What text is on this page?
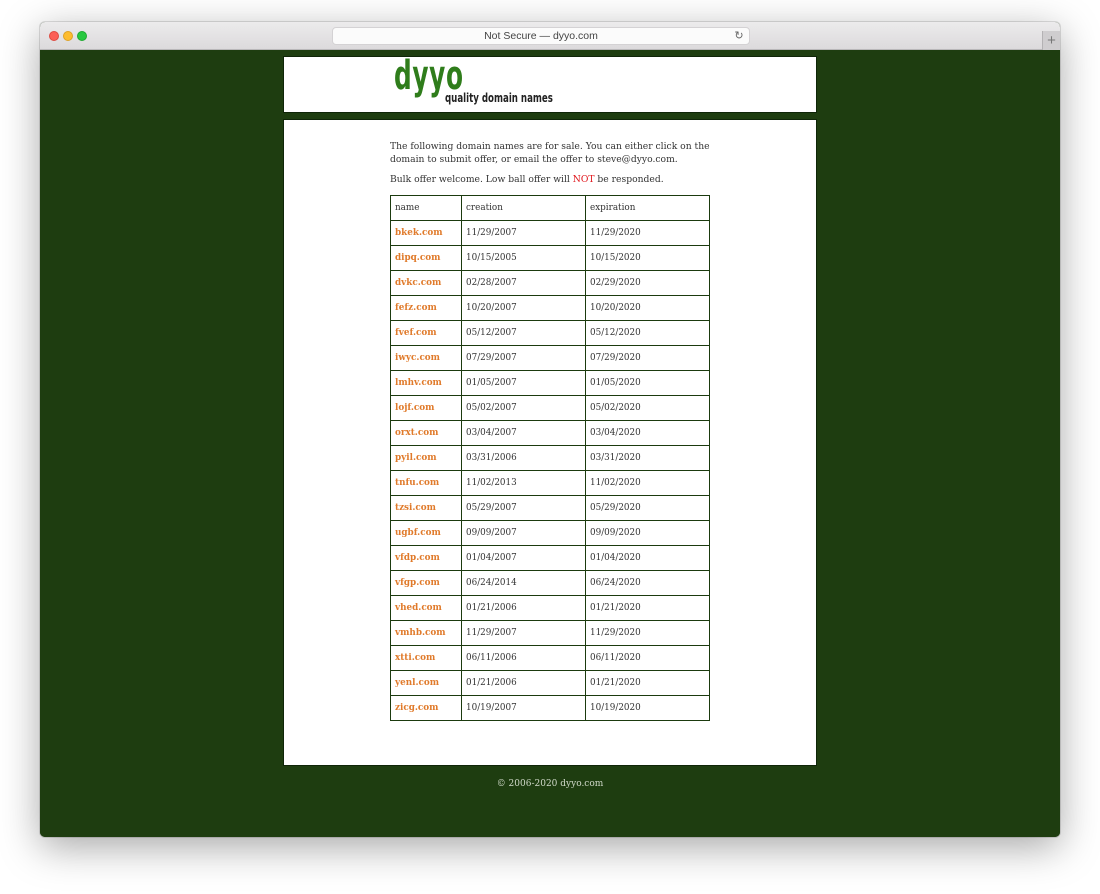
Not Secure — dyyo.com	↻	+
dyyo
quality domain names

The following domain names are for sale. You can either click on the domain to submit offer, or email the offer to steve@dyyo.com.

Bulk offer welcome. Low ball offer will NOT be responded.

name	creation	expiration
bkek.com	11/29/2007	11/29/2020
dipq.com	10/15/2005	10/15/2020
dvkc.com	02/28/2007	02/29/2020
fefz.com	10/20/2007	10/20/2020
fvef.com	05/12/2007	05/12/2020
iwyc.com	07/29/2007	07/29/2020
lmhv.com	01/05/2007	01/05/2020
lojf.com	05/02/2007	05/02/2020
orxt.com	03/04/2007	03/04/2020
pyil.com	03/31/2006	03/31/2020
tnfu.com	11/02/2013	11/02/2020
tzsi.com	05/29/2007	05/29/2020
ugbf.com	09/09/2007	09/09/2020
vfdp.com	01/04/2007	01/04/2020
vfgp.com	06/24/2014	06/24/2020
vhed.com	01/21/2006	01/21/2020
vmhb.com	11/29/2007	11/29/2020
xtti.com	06/11/2006	06/11/2020
yenl.com	01/21/2006	01/21/2020
zicg.com	10/19/2007	10/19/2020
© 2006-2020 dyyo.com
